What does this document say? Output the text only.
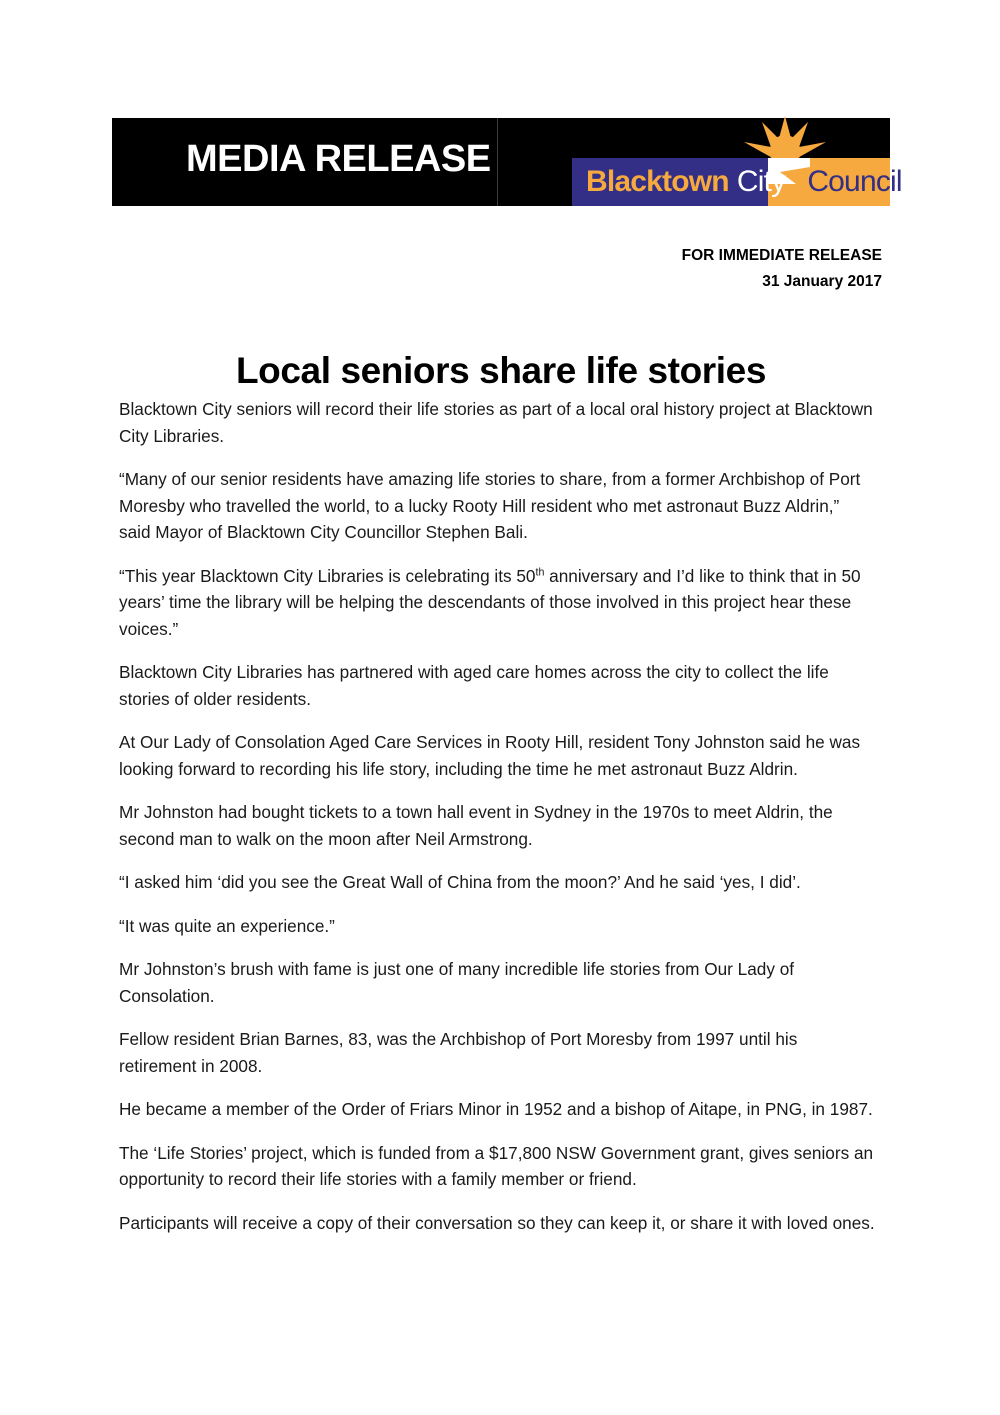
MEDIA RELEASE
Blacktown City Council
FOR IMMEDIATE RELEASE
31 January 2017
Local seniors share life stories

Blacktown City seniors will record their life stories as part of a local oral history project at Blacktown City Libraries.

“Many of our senior residents have amazing life stories to share, from a former Archbishop of Port Moresby who travelled the world, to a lucky Rooty Hill resident who met astronaut Buzz Aldrin,” said Mayor of Blacktown City Councillor Stephen Bali.

“This year Blacktown City Libraries is celebrating its 50th anniversary and I’d like to think that in 50 years’ time the library will be helping the descendants of those involved in this project hear these voices.”

Blacktown City Libraries has partnered with aged care homes across the city to collect the life stories of older residents.

At Our Lady of Consolation Aged Care Services in Rooty Hill, resident Tony Johnston said he was looking forward to recording his life story, including the time he met astronaut Buzz Aldrin.

Mr Johnston had bought tickets to a town hall event in Sydney in the 1970s to meet Aldrin, the second man to walk on the moon after Neil Armstrong.

“I asked him ‘did you see the Great Wall of China from the moon?’ And he said ‘yes, I did’.

“It was quite an experience.”

Mr Johnston’s brush with fame is just one of many incredible life stories from Our Lady of Consolation.

Fellow resident Brian Barnes, 83, was the Archbishop of Port Moresby from 1997 until his retirement in 2008.

He became a member of the Order of Friars Minor in 1952 and a bishop of Aitape, in PNG, in 1987.

The ‘Life Stories’ project, which is funded from a $17,800 NSW Government grant, gives seniors an opportunity to record their life stories with a family member or friend.

Participants will receive a copy of their conversation so they can keep it, or share it with loved ones.
